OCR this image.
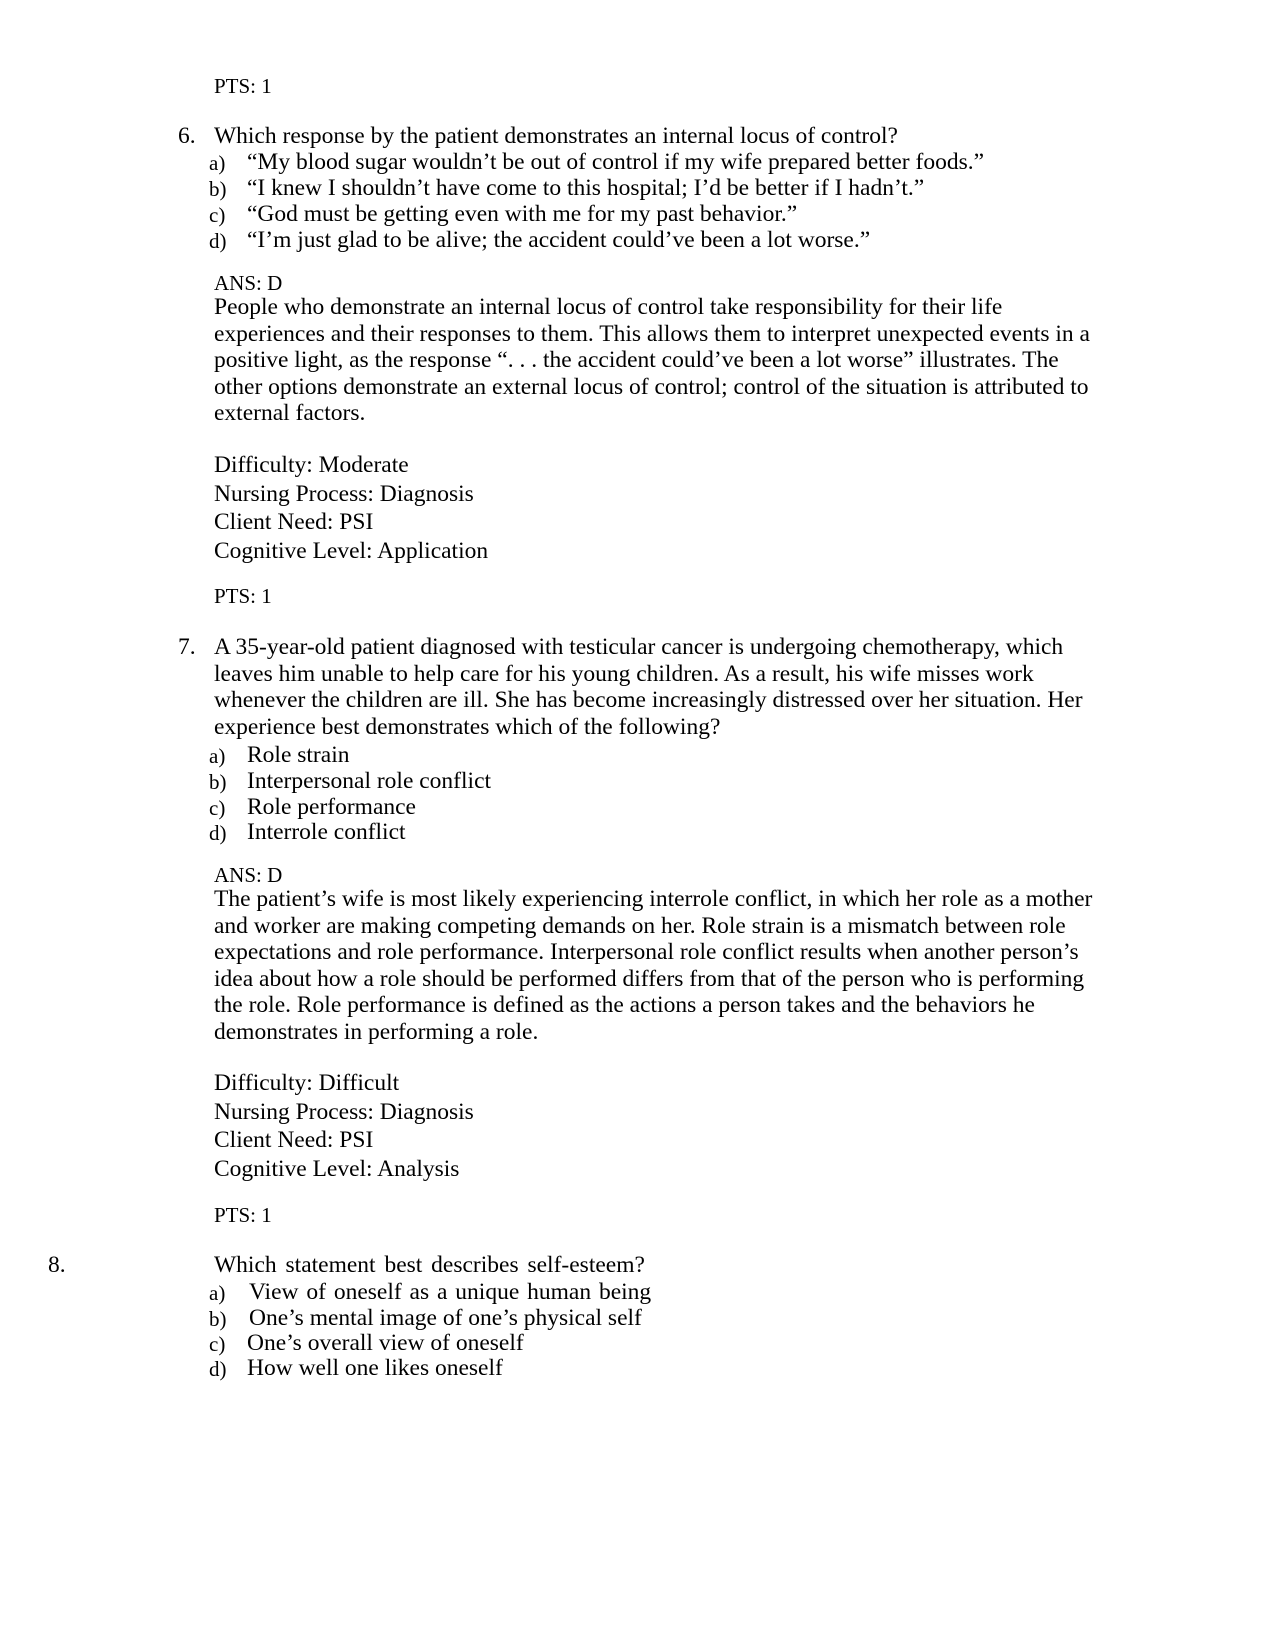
PTS: 1
6. Which response by the patient demonstrates an internal locus of control?
a) “My blood sugar wouldn’t be out of control if my wife prepared better foods.”
b) “I knew I shouldn’t have come to this hospital; I’d be better if I hadn’t.”
c) “God must be getting even with me for my past behavior.”
d) “I’m just glad to be alive; the accident could’ve been a lot worse.”
ANS: D
People who demonstrate an internal locus of control take responsibility for their life
experiences and their responses to them. This allows them to interpret unexpected events in a
positive light, as the response “. . . the accident could’ve been a lot worse” illustrates. The
other options demonstrate an external locus of control; control of the situation is attributed to
external factors.
Difficulty: Moderate
Nursing Process: Diagnosis
Client Need: PSI
Cognitive Level: Application
PTS: 1
7. A 35-year-old patient diagnosed with testicular cancer is undergoing chemotherapy, which
leaves him unable to help care for his young children. As a result, his wife misses work
whenever the children are ill. She has become increasingly distressed over her situation. Her
experience best demonstrates which of the following?
a) Role strain
b) Interpersonal role conflict
c) Role performance
d) Interrole conflict
ANS: D
The patient’s wife is most likely experiencing interrole conflict, in which her role as a mother
and worker are making competing demands on her. Role strain is a mismatch between role
expectations and role performance. Interpersonal role conflict results when another person’s
idea about how a role should be performed differs from that of the person who is performing
the role. Role performance is defined as the actions a person takes and the behaviors he
demonstrates in performing a role.
Difficulty: Difficult
Nursing Process: Diagnosis
Client Need: PSI
Cognitive Level: Analysis
PTS: 1
8.	Which statement best describes self-esteem?
a) View of oneself as a unique human being
b) One’s mental image of one’s physical self
c) One’s overall view of oneself
d) How well one likes oneself
